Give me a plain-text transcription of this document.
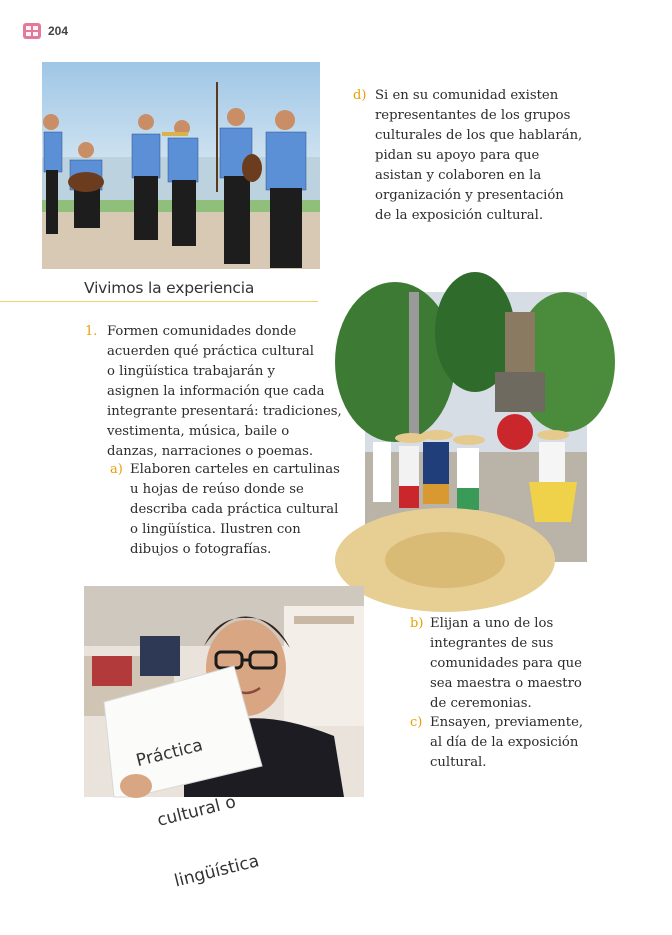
204
d) Si en su comunidad existen

representantes de los grupos

culturales de los que hablarán,

pidan su apoyo para que

asistan y colaboren en la

organización y presentación

de la exposición cultural.

Vivimos la experiencia
1. Formen comunidades donde

acuerden qué práctica cultural

o lingüística trabajarán y

asignen la información que cada

integrante presentará: tradiciones,

vestimenta, música, baile o

danzas, narraciones o poemas.

a) Elaboren carteles en cartulinas

u hojas de reúso donde se

describa cada práctica cultural

o lingüística. Ilustren con

dibujos o fotografías.

Práctica

cultural o

lingüística

b) Elijan a uno de los

integrantes de sus

comunidades para que

sea maestra o maestro

de ceremonias.

c) Ensayen, previamente,

al día de la exposición

cultural.
